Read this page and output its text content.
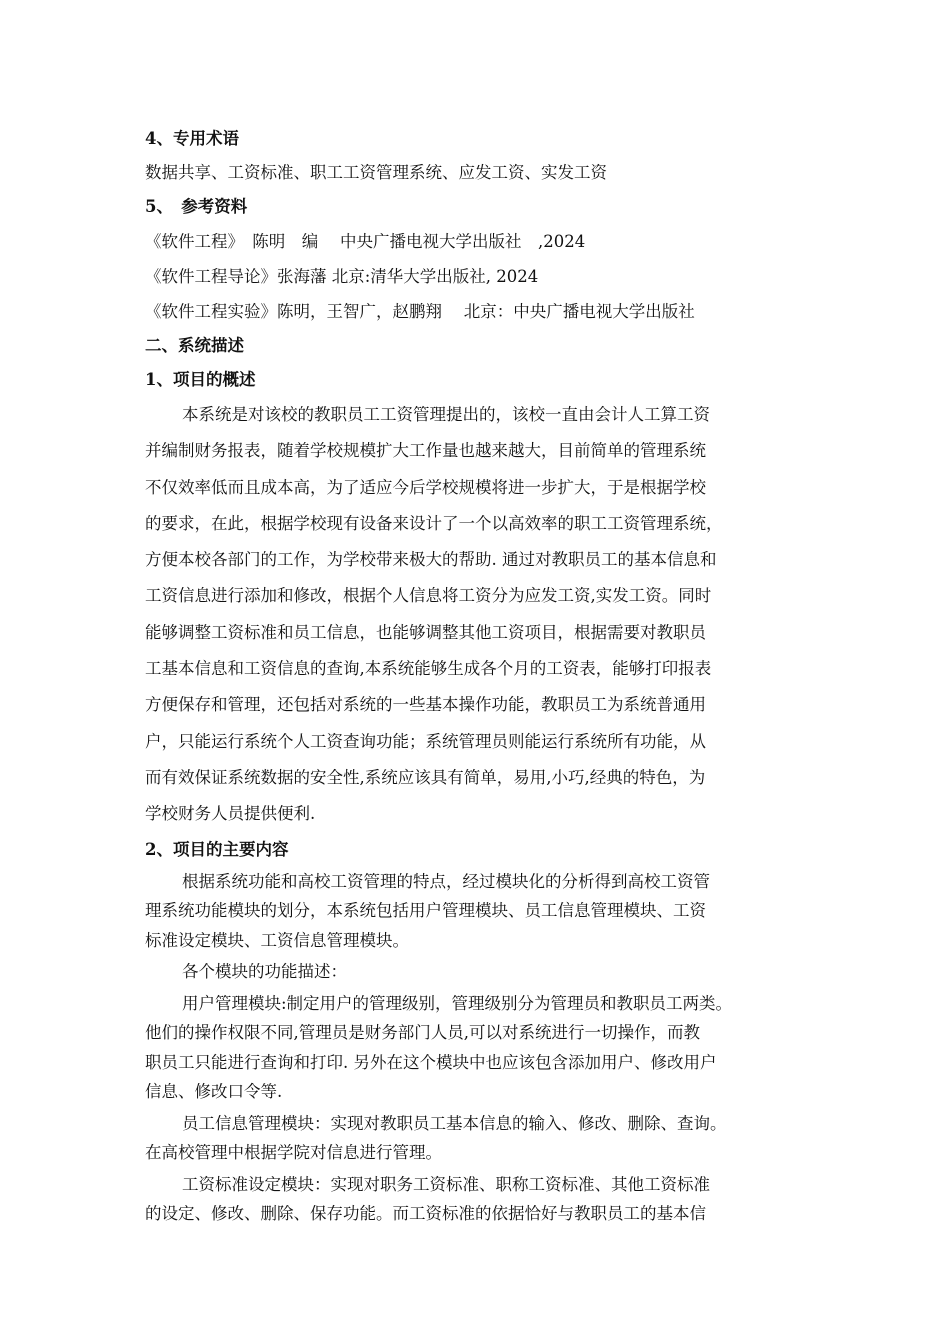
4、专用术语
数据共享、工资标准、职工工资管理系统、应发工资、实发工资
5、　参考资料
《软件工程》　陈明　编　 中央广播电视大学出版社　,2024
《软件工程导论》张海藩 北京:清华大学出版社, 2024
《软件工程实验》陈明，王智广，赵鹏翔　 北京：中央广播电视大学出版社
二、系统描述
1、项目的概述
本系统是对该校的教职员工工资管理提出的，该校一直由会计人工算工资
并编制财务报表，随着学校规模扩大工作量也越来越大，目前简单的管理系统
不仅效率低而且成本高，为了适应今后学校规模将进一步扩大，于是根据学校
的要求，在此，根据学校现有设备来设计了一个以高效率的职工工资管理系统，
方便本校各部门的工作，为学校带来极大的帮助. 通过对教职员工的基本信息和
工资信息进行添加和修改，根据个人信息将工资分为应发工资,实发工资。同时
能够调整工资标准和员工信息，也能够调整其他工资项目，根据需要对教职员
工基本信息和工资信息的查询,本系统能够生成各个月的工资表，能够打印报表
方便保存和管理，还包括对系统的一些基本操作功能，教职员工为系统普通用
户，只能运行系统个人工资查询功能；系统管理员则能运行系统所有功能，从
而有效保证系统数据的安全性,系统应该具有简单，易用,小巧,经典的特色，为
学校财务人员提供便利.
2、项目的主要内容
根据系统功能和高校工资管理的特点，经过模块化的分析得到高校工资管
理系统功能模块的划分，本系统包括用户管理模块、员工信息管理模块、工资
标准设定模块、工资信息管理模块。
各个模块的功能描述：
用户管理模块:制定用户的管理级别，管理级别分为管理员和教职员工两类。
他们的操作权限不同,管理员是财务部门人员,可以对系统进行一切操作，而教
职员工只能进行查询和打印. 另外在这个模块中也应该包含添加用户、修改用户
信息、修改口令等.
员工信息管理模块：实现对教职员工基本信息的输入、修改、删除、查询。
在高校管理中根据学院对信息进行管理。
工资标准设定模块：实现对职务工资标准、职称工资标准、其他工资标准
的设定、修改、删除、保存功能。而工资标准的依据恰好与教职员工的基本信
